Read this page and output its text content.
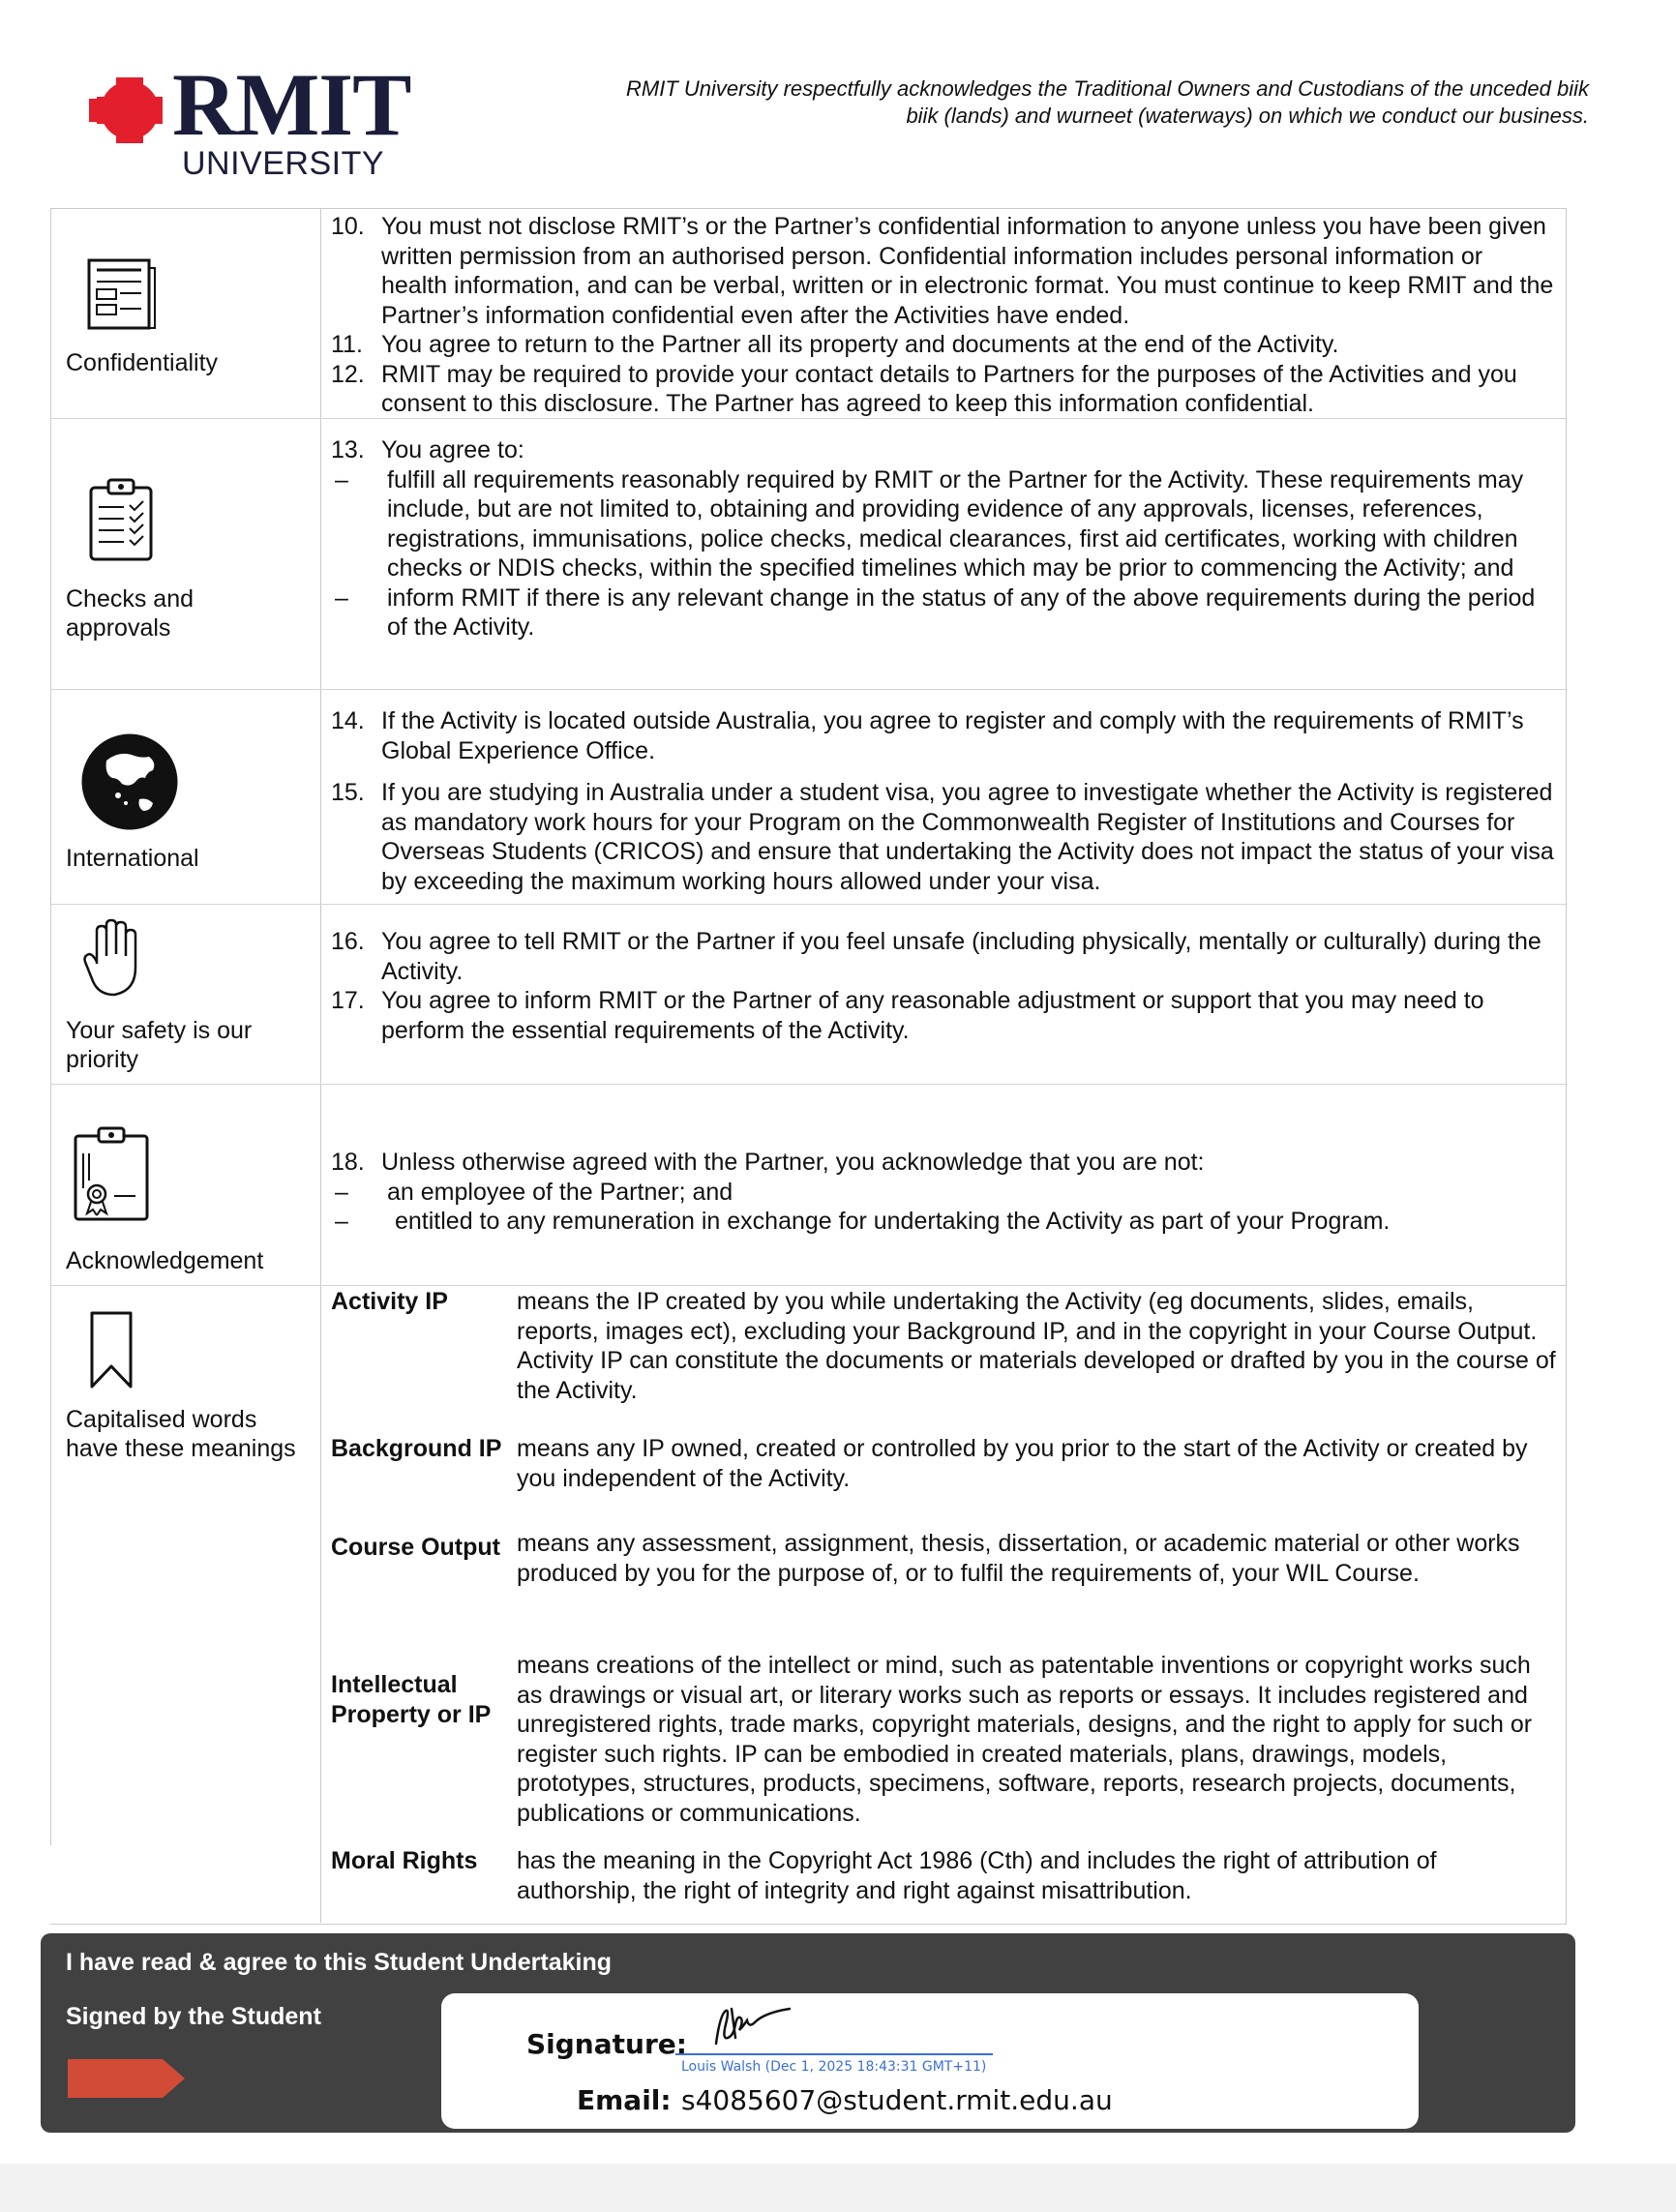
RMIT
UNIVERSITY
RMIT University respectfully acknowledges the Traditional Owners and Custodians of the unceded biik biik (lands) and wurneet (waterways) on which we conduct our business.
Confidentiality
10. You must not disclose RMIT’s or the Partner’s confidential information to anyone unless you have been given written permission from an authorised person. Confidential information includes personal information or health information, and can be verbal, written or in electronic format. You must continue to keep RMIT and the Partner’s information confidential even after the Activities have ended.
11. You agree to return to the Partner all its property and documents at the end of the Activity.
12. RMIT may be required to provide your contact details to Partners for the purposes of the Activities and you consent to this disclosure. The Partner has agreed to keep this information confidential.
Checks and approvals
13. You agree to:
– fulfill all requirements reasonably required by RMIT or the Partner for the Activity. These requirements may include, but are not limited to, obtaining and providing evidence of any approvals, licenses, references, registrations, immunisations, police checks, medical clearances, first aid certificates, working with children checks or NDIS checks, within the specified timelines which may be prior to commencing the Activity; and
– inform RMIT if there is any relevant change in the status of any of the above requirements during the period of the Activity.
International
14. If the Activity is located outside Australia, you agree to register and comply with the requirements of RMIT’s Global Experience Office.
15. If you are studying in Australia under a student visa, you agree to investigate whether the Activity is registered as mandatory work hours for your Program on the Commonwealth Register of Institutions and Courses for Overseas Students (CRICOS) and ensure that undertaking the Activity does not impact the status of your visa by exceeding the maximum working hours allowed under your visa.
Your safety is our priority
16. You agree to tell RMIT or the Partner if you feel unsafe (including physically, mentally or culturally) during the Activity.
17. You agree to inform RMIT or the Partner of any reasonable adjustment or support that you may need to perform the essential requirements of the Activity.
Acknowledgement
18. Unless otherwise agreed with the Partner, you acknowledge that you are not:
– an employee of the Partner; and
– entitled to any remuneration in exchange for undertaking the Activity as part of your Program.
Capitalised words have these meanings
Activity IP	means the IP created by you while undertaking the Activity (eg documents, slides, emails, reports, images ect), excluding your Background IP, and in the copyright in your Course Output. Activity IP can constitute the documents or materials developed or drafted by you in the course of the Activity.
Background IP means any IP owned, created or controlled by you prior to the start of the Activity or created by you independent of the Activity.
Course Output means any assessment, assignment, thesis, dissertation, or academic material or other works produced by you for the purpose of, or to fulfil the requirements of, your WIL Course.
Intellectual Property or IP
means creations of the intellect or mind, such as patentable inventions or copyright works such as drawings or visual art, or literary works such as reports or essays. It includes registered and unregistered rights, trade marks, copyright materials, designs, and the right to apply for such or register such rights. IP can be embodied in created materials, plans, drawings, models, prototypes, structures, products, specimens, software, reports, research projects, documents, publications or communications.
Moral Rights	has the meaning in the Copyright Act 1986 (Cth) and includes the right of attribution of authorship, the right of integrity and right against misattribution.
I have read & agree to this Student Undertaking
Signed by the Student
Signature:
Louis Walsh (Dec 1, 2025 18:43:31 GMT+11)
Email: s4085607@student.rmit.edu.au
